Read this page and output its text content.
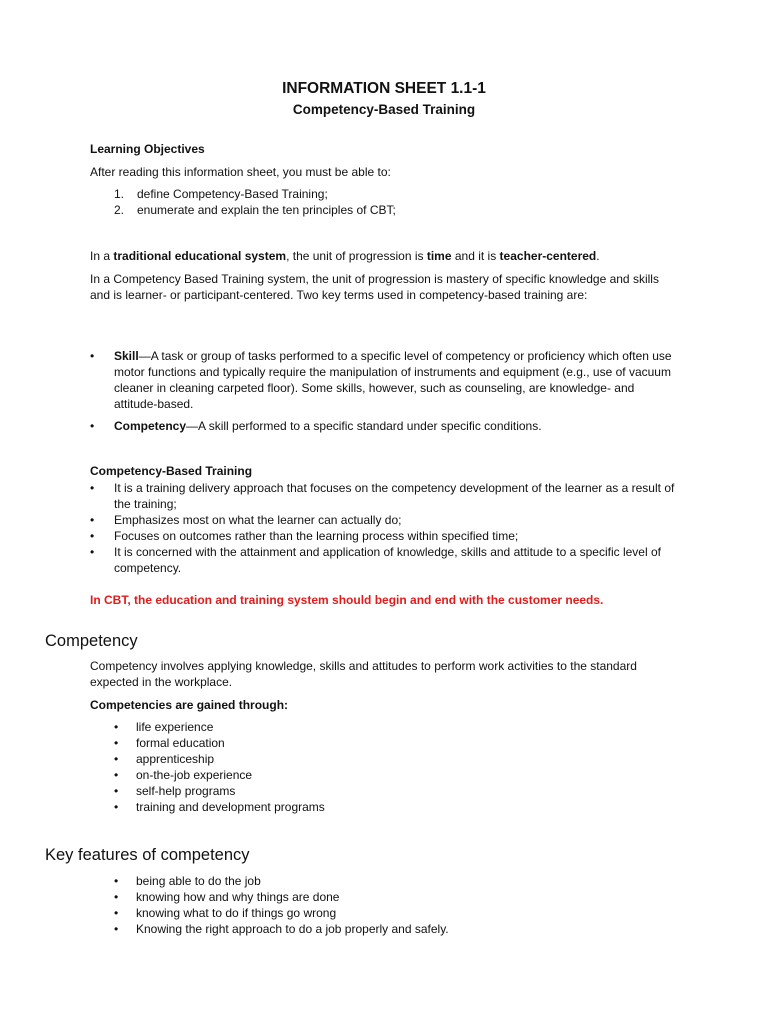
INFORMATION SHEET 1.1-1
Competency-Based Training
Learning Objectives
After reading this information sheet, you must be able to:
1. define Competency-Based Training;
2. enumerate and explain the ten principles of CBT;
In a traditional educational system, the unit of progression is time and it is teacher-centered.
In a Competency Based Training system, the unit of progression is mastery of specific knowledge and skills and is learner- or participant-centered. Two key terms used in competency-based training are:
• Skill—A task or group of tasks performed to a specific level of competency or proficiency which often use motor functions and typically require the manipulation of instruments and equipment (e.g., use of vacuum cleaner in cleaning carpeted floor). Some skills, however, such as counseling, are knowledge- and attitude-based.
• Competency—A skill performed to a specific standard under specific conditions.
Competency-Based Training
• It is a training delivery approach that focuses on the competency development of the learner as a result of the training;
• Emphasizes most on what the learner can actually do;
• Focuses on outcomes rather than the learning process within specified time;
• It is concerned with the attainment and application of knowledge, skills and attitude to a specific level of competency.
In CBT, the education and training system should begin and end with the customer needs.
Competency
Competency involves applying knowledge, skills and attitudes to perform work activities to the standard expected in the workplace.
Competencies are gained through:
• life experience
• formal education
• apprenticeship
• on-the-job experience
• self-help programs
• training and development programs
Key features of competency
• being able to do the job
• knowing how and why things are done
• knowing what to do if things go wrong
• Knowing the right approach to do a job properly and safely.
